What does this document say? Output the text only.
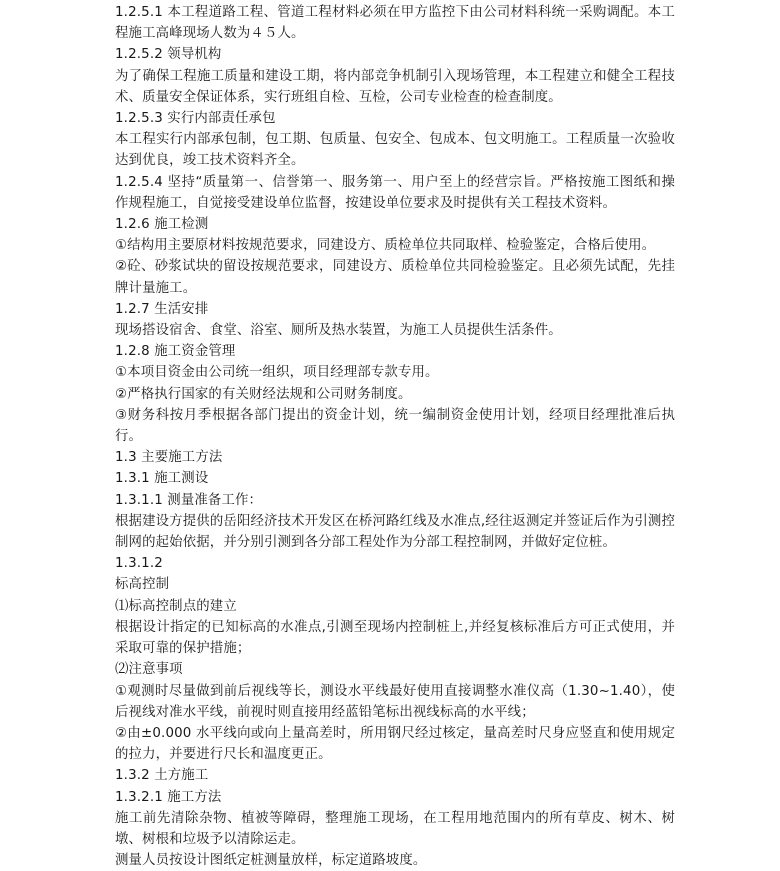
1.2.5.1 本工程道路工程、管道工程材料必须在甲方监控下由公司材料科统一采购调配。本工程施工高峰现场人数为４５人。

1.2.5.2 领导机构

为了确保工程施工质量和建设工期，将内部竞争机制引入现场管理，本工程建立和健全工程技术、质量安全保证体系，实行班组自检、互检，公司专业检查的检查制度。

1.2.5.3 实行内部责任承包

本工程实行内部承包制，包工期、包质量、包安全、包成本、包文明施工。工程质量一次验收达到优良，竣工技术资料齐全。

1.2.5.4 坚持“质量第一、信誉第一、服务第一、用户至上的经营宗旨。严格按施工图纸和操作规程施工，自觉接受建设单位监督，按建设单位要求及时提供有关工程技术资料。

1.2.6 施工检测

①结构用主要原材料按规范要求，同建设方、质检单位共同取样、检验鉴定，合格后使用。

②砼、砂浆试块的留设按规范要求，同建设方、质检单位共同检验鉴定。且必须先试配，先挂牌计量施工。

1.2.7 生活安排

现场搭设宿舍、食堂、浴室、厕所及热水装置，为施工人员提供生活条件。

1.2.8 施工资金管理

①本项目资金由公司统一组织，项目经理部专款专用。

②严格执行国家的有关财经法规和公司财务制度。

③财务科按月季根据各部门提出的资金计划，统一编制资金使用计划，经项目经理批准后执行。

1.3 主要施工方法

1.3.1 施工测设

1.3.1.1 测量准备工作：

根据建设方提供的岳阳经济技术开发区在桥河路红线及水准点,经往返测定并签证后作为引测控制网的起始依据，并分别引测到各分部工程处作为分部工程控制网，并做好定位桩。

1.3.1.2

标高控制

⑴标高控制点的建立

根据设计指定的已知标高的水准点,引测至现场内控制桩上,并经复核标准后方可正式使用，并采取可靠的保护措施；

⑵注意事项

①观测时尽量做到前后视线等长，测设水平线最好使用直接调整水准仪高（1.30~1.40），使后视线对准水平线，前视时则直接用经蓝铅笔标出视线标高的水平线；

②由±0.000 水平线向或向上量高差时，所用钢尺经过核定，量高差时尺身应竖直和使用规定的拉力，并要进行尺长和温度更正。

1.3.2 土方施工

1.3.2.1 施工方法

施工前先清除杂物、植被等障碍，整理施工现场，在工程用地范围内的所有草皮、树木、树墩、树根和垃圾予以清除运走。

测量人员按设计图纸定桩测量放样，标定道路坡度。
